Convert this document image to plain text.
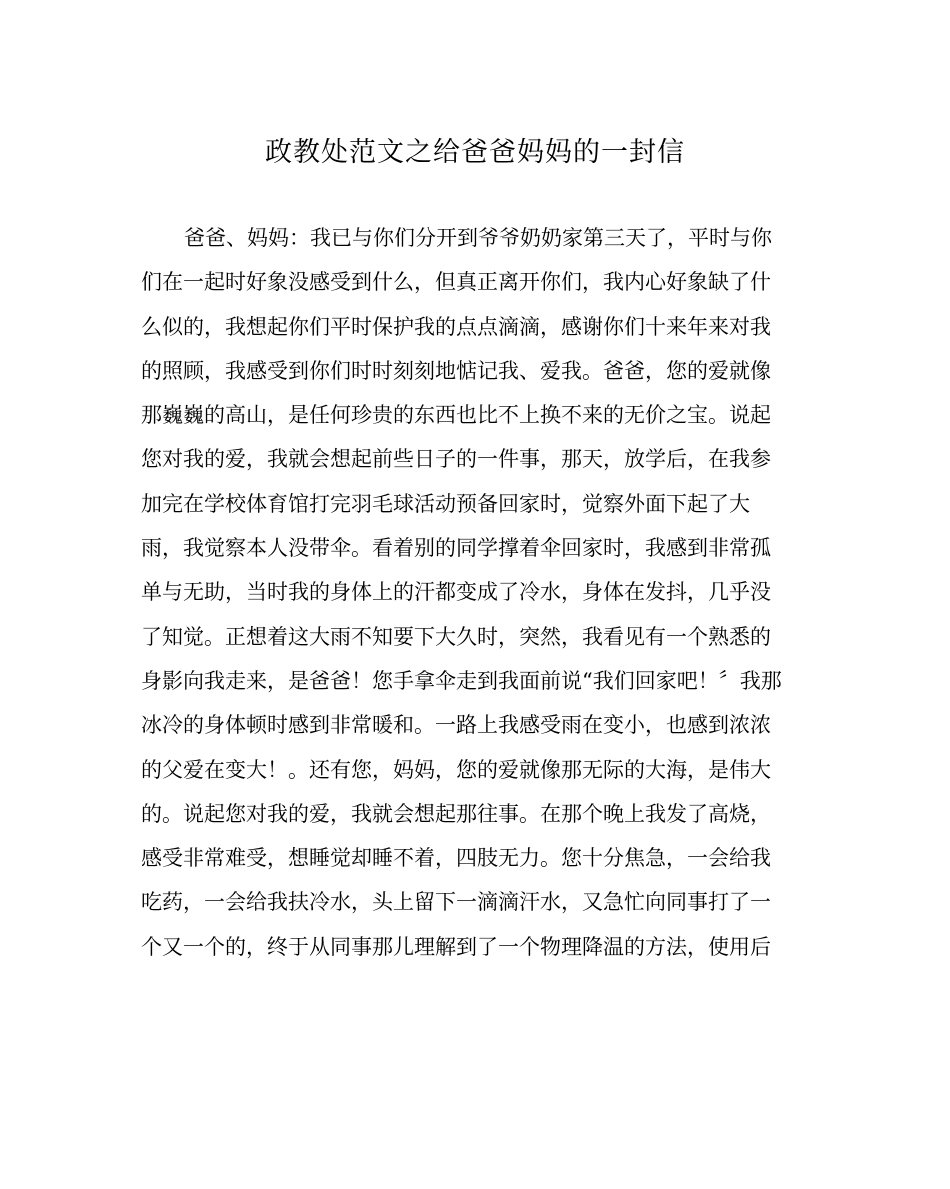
政教处范文之给爸爸妈妈的一封信
爸爸、妈妈：我已与你们分开到爷爷奶奶家第三天了，平时与你
们在一起时好象没感受到什么，但真正离开你们，我内心好象缺了什
么似的，我想起你们平时保护我的点点滴滴，感谢你们十来年来对我
的照顾，我感受到你们时时刻刻地惦记我、爱我。爸爸，您的爱就像
那巍巍的高山，是任何珍贵的东西也比不上换不来的无价之宝。说起
您对我的爱，我就会想起前些日子的一件事，那天，放学后，在我参
加完在学校体育馆打完羽毛球活动预备回家时，觉察外面下起了大
雨，我觉察本人没带伞。看着别的同学撑着伞回家时，我感到非常孤
单与无助，当时我的身体上的汗都变成了冷水，身体在发抖，几乎没
了知觉。正想着这大雨不知要下大久时，突然，我看见有一个熟悉的
身影向我走来，是爸爸！您手拿伞走到我面前说“我们回家吧！〞我那
冰冷的身体顿时感到非常暖和。一路上我感受雨在变小，也感到浓浓
的父爱在变大！。还有您，妈妈，您的爱就像那无际的大海，是伟大
的。说起您对我的爱，我就会想起那往事。在那个晚上我发了高烧，
感受非常难受，想睡觉却睡不着，四肢无力。您十分焦急，一会给我
吃药，一会给我扶冷水，头上留下一滴滴汗水，又急忙向同事打了一
个又一个的，终于从同事那儿理解到了一个物理降温的方法，使用后
